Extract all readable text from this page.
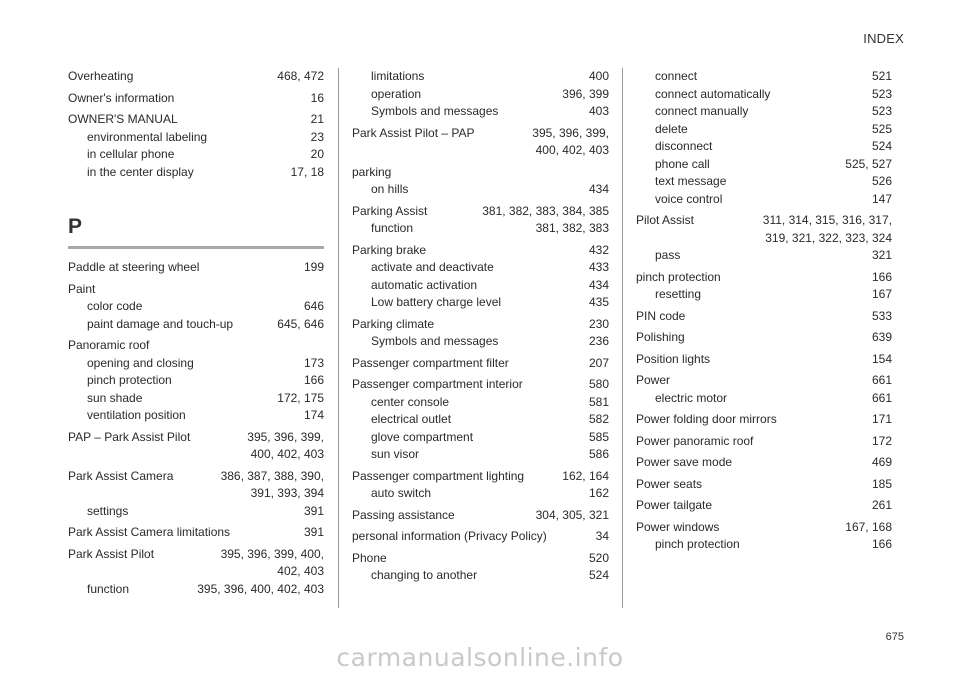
INDEX
Overheating	468, 472
Owner's information	16
OWNER'S MANUAL	21
environmental labeling	23
in cellular phone	20
in the center display	17, 18
P
Paddle at steering wheel	199
Paint
color code	646
paint damage and touch-up	645, 646
Panoramic roof
opening and closing	173
pinch protection	166
sun shade	172, 175
ventilation position	174
PAP – Park Assist Pilot	395, 396, 399,
400, 402, 403
Park Assist Camera	386, 387, 388, 390,
391, 393, 394
settings	391
Park Assist Camera limitations	391
Park Assist Pilot	395, 396, 399, 400,
402, 403
function	395, 396, 400, 402, 403
limitations	400
operation	396, 399
Symbols and messages	403
Park Assist Pilot – PAP	395, 396, 399,
400, 402, 403
parking
on hills	434
Parking Assist	381, 382, 383, 384, 385
function	381, 382, 383
Parking brake	432
activate and deactivate	433
automatic activation	434
Low battery charge level	435
Parking climate	230
Symbols and messages	236
Passenger compartment filter	207
Passenger compartment interior	580
center console	581
electrical outlet	582
glove compartment	585
sun visor	586
Passenger compartment lighting	162, 164
auto switch	162
Passing assistance	304, 305, 321
personal information (Privacy Policy)	34
Phone	520
changing to another	524
connect	521
connect automatically	523
connect manually	523
delete	525
disconnect	524
phone call	525, 527
text message	526
voice control	147
Pilot Assist	311, 314, 315, 316, 317,
319, 321, 322, 323, 324
pass	321
pinch protection	166
resetting	167
PIN code	533
Polishing	639
Position lights	154
Power	661
electric motor	661
Power folding door mirrors	171
Power panoramic roof	172
Power save mode	469
Power seats	185
Power tailgate	261
Power windows	167, 168
pinch protection	166
675
carmanualsonline.info
